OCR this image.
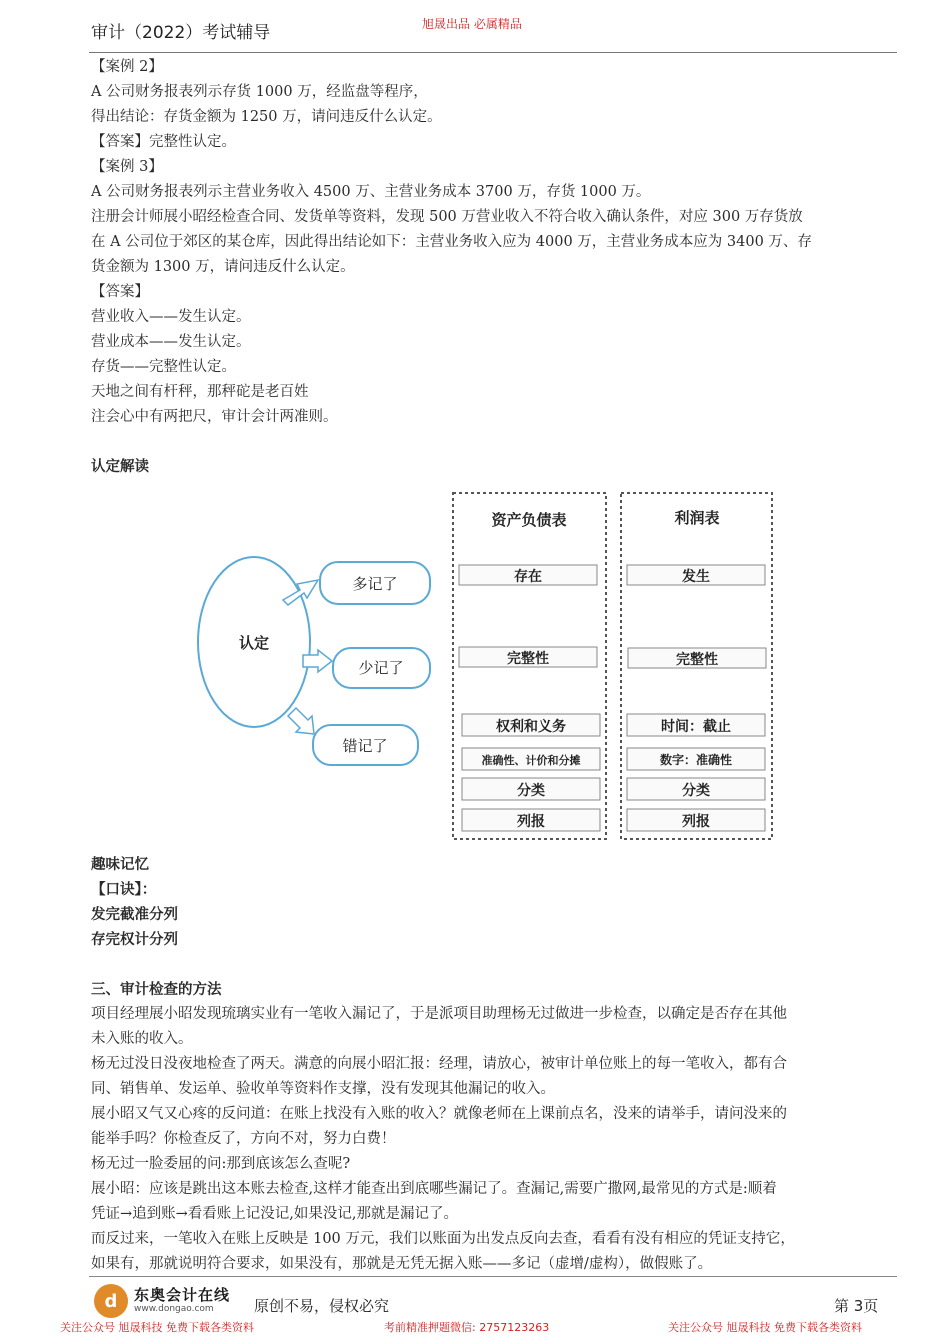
审计（2022）考试辅导	旭晟出品 必属精品
【案例 2】
A 公司财务报表列示存货 1000 万，经监盘等程序，
得出结论：存货金额为 1250 万，请问违反什么认定。
【答案】完整性认定。
【案例 3】
A 公司财务报表列示主营业务收入 4500 万、主营业务成本 3700 万，存货 1000 万。
注册会计师展小昭经检查合同、发货单等资料，发现 500 万营业收入不符合收入确认条件，对应 300 万存货放
在 A 公司位于郊区的某仓库，因此得出结论如下：主营业务收入应为 4000 万，主营业务成本应为 3400 万、存
货金额为 1300 万，请问违反什么认定。
【答案】
营业收入——发生认定。
营业成本——发生认定。
存货——完整性认定。
天地之间有杆秤，那秤砣是老百姓
注会心中有两把尺，审计会计两准则。
认定解读
认定
多记了
少记了
错记了
资产负债表
存在
完整性
权利和义务
准确性、计价和分摊
分类
列报
利润表
发生
完整性
时间：截止
数字：准确性
分类
列报
趣味记忆
【口诀】：
发完截准分列
存完权计分列
三、审计检查的方法
项目经理展小昭发现琉璃实业有一笔收入漏记了，于是派项目助理杨无过做进一步检查，以确定是否存在其他
未入账的收入。
杨无过没日没夜地检查了两天。满意的向展小昭汇报：经理，请放心，被审计单位账上的每一笔收入，都有合
同、销售单、发运单、验收单等资料作支撑，没有发现其他漏记的收入。
展小昭又气又心疼的反问道：在账上找没有入账的收入？就像老师在上课前点名，没来的请举手，请问没来的
能举手吗？你检查反了，方向不对，努力白费！
杨无过一脸委屈的问:那到底该怎么查呢?
展小昭：应该是跳出这本账去检查,这样才能查出到底哪些漏记了。查漏记,需要广撒网,最常见的方式是:顺着
凭证→追到账→看看账上记没记,如果没记,那就是漏记了。
而反过来，一笔收入在账上反映是 100 万元，我们以账面为出发点反向去查，看看有没有相应的凭证支持它，
如果有，那就说明符合要求，如果没有，那就是无凭无据入账——多记（虚增/虚构），做假账了。
d	东奥会计在线
www.dongao.com	原创不易，侵权必究	第 3页
关注公众号 旭晟科技 免费下载各类资料	考前精准押题微信: 2757123263	关注公众号 旭晟科技 免费下载各类资料
